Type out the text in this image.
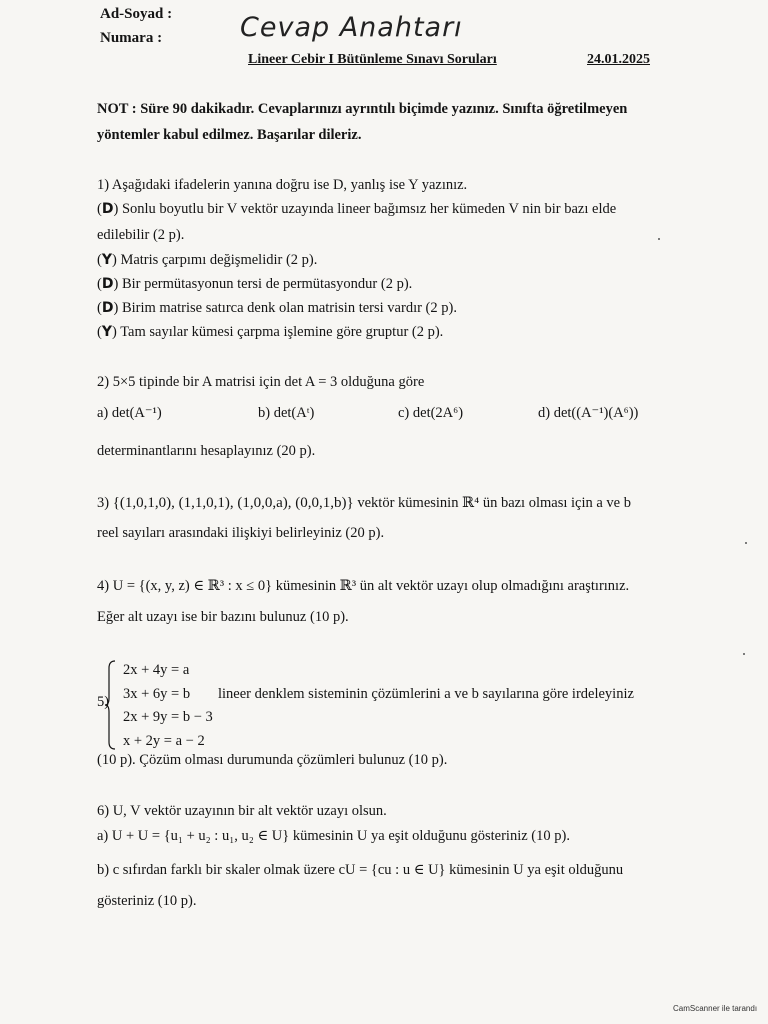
Ad-Soyad :
Numara :	Cevap Anahtarı
Lineer Cebir I Bütünleme Sınavı Soruları	24.01.2025
NOT : Süre 90 dakikadır. Cevaplarınızı ayrıntılı biçimde yazınız. Sınıfta öğretilmeyen
yöntemler kabul edilmez. Başarılar dileriz.
1) Aşağıdaki ifadelerin yanına doğru ise D, yanlış ise Y yazınız.
(D) Sonlu boyutlu bir V vektör uzayında lineer bağımsız her kümeden V nin bir bazı elde
edilebilir (2 p).
(Y) Matris çarpımı değişmelidir (2 p).
(D) Bir permütasyonun tersi de permütasyondur (2 p).
(D) Birim matrise satırca denk olan matrisin tersi vardır (2 p).
(Y) Tam sayılar kümesi çarpma işlemine göre gruptur (2 p).
2) 5×5 tipinde bir A matrisi için det A = 3 olduğuna göre
a) det(A⁻¹)	b) det(Aᵗ)	c) det(2A⁶)	d) det((A⁻¹)(A⁶))
determinantlarını hesaplayınız (20 p).
3) {(1,0,1,0), (1,1,0,1), (1,0,0,a), (0,0,1,b)} vektör kümesinin ℝ⁴ ün bazı olması için a ve b
reel sayıları arasındaki ilişkiyi belirleyiniz (20 p).
4) U = {(x, y, z) ∈ ℝ³ : x ≤ 0} kümesinin ℝ³ ün alt vektör uzayı olup olmadığını araştırınız.
Eğer alt uzayı ise bir bazını bulunuz (10 p).
5)
2x + 4y = a
3x + 6y = b
2x + 9y = b − 3
x + 2y = a − 2
lineer denklem sisteminin çözümlerini a ve b sayılarına göre irdeleyiniz
(10 p). Çözüm olması durumunda çözümleri bulunuz (10 p).
6) U, V vektör uzayının bir alt vektör uzayı olsun.
a) U + U = {u₁ + u₂ : u₁, u₂ ∈ U} kümesinin U ya eşit olduğunu gösteriniz (10 p).
b) c sıfırdan farklı bir skaler olmak üzere cU = {cu : u ∈ U} kümesinin U ya eşit olduğunu
gösteriniz (10 p).
CamScanner ile tarandı
